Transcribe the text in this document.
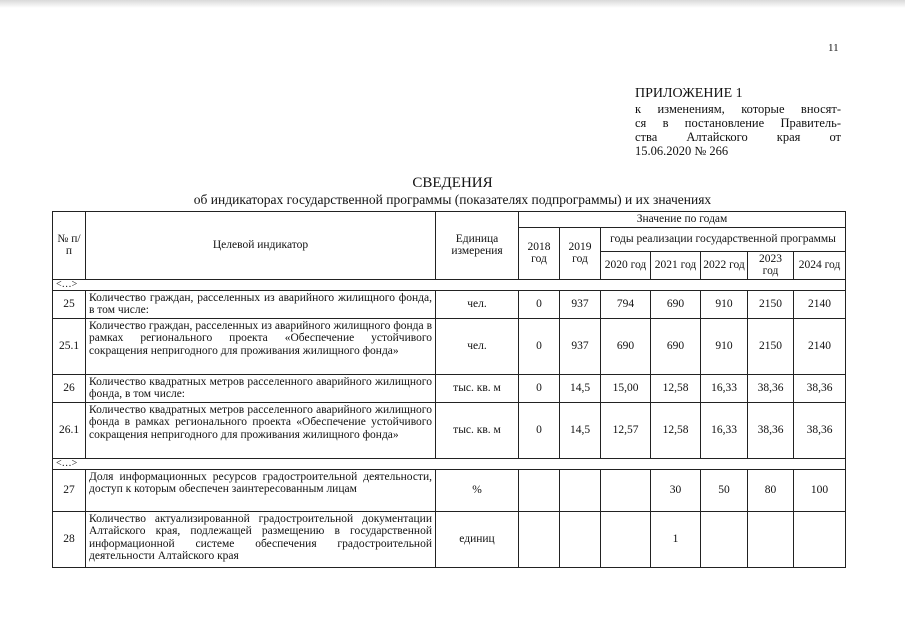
11
ПРИЛОЖЕНИЕ 1
к изменениям, которые вносят-
ся в постановление Правитель-
ства Алтайского края от
15.06.2020 № 266
СВЕДЕНИЯ
об индикаторах государственной программы (показателях подпрограммы) и их значениях
№ п/п	Целевой индикатор	Единица измерения	Значение по годам						
			2018 год	2019 год	годы реализации государственной программы				
					2020 год	2021 год	2022 год	2023 год	2024 год
<…>									
25	Количество граждан, расселенных из аварийного жилищного фонда, в том числе:	чел.	0	937	794	690	910	2150	2140
25.1	Количество граждан, расселенных из аварийного жилищного фонда в рамках регионального проекта «Обеспечение устойчивого сокращения непригодного для проживания жилищного фонда»	чел.	0	937	690	690	910	2150	2140
26	Количество квадратных метров расселенного аварийного жилищного фонда, в том числе:	тыс. кв. м	0	14,5	15,00	12,58	16,33	38,36	38,36
26.1	Количество квадратных метров расселенного аварийного жилищного фонда в рамках регионального проекта «Обеспечение устойчивого сокращения непригодного для проживания жилищного фонда»	тыс. кв. м	0	14,5	12,57	12,58	16,33	38,36	38,36
<…>									
27	Доля информационных ресурсов градостроительной деятельности, доступ к которым обеспечен заинтересованным лицам	%				30	50	80	100
28	Количество актуализированной градостроительной документации Алтайского края, подлежащей размещению в государственной информационной системе обеспечения градостроительной деятельности Алтайского края	единиц				1			
